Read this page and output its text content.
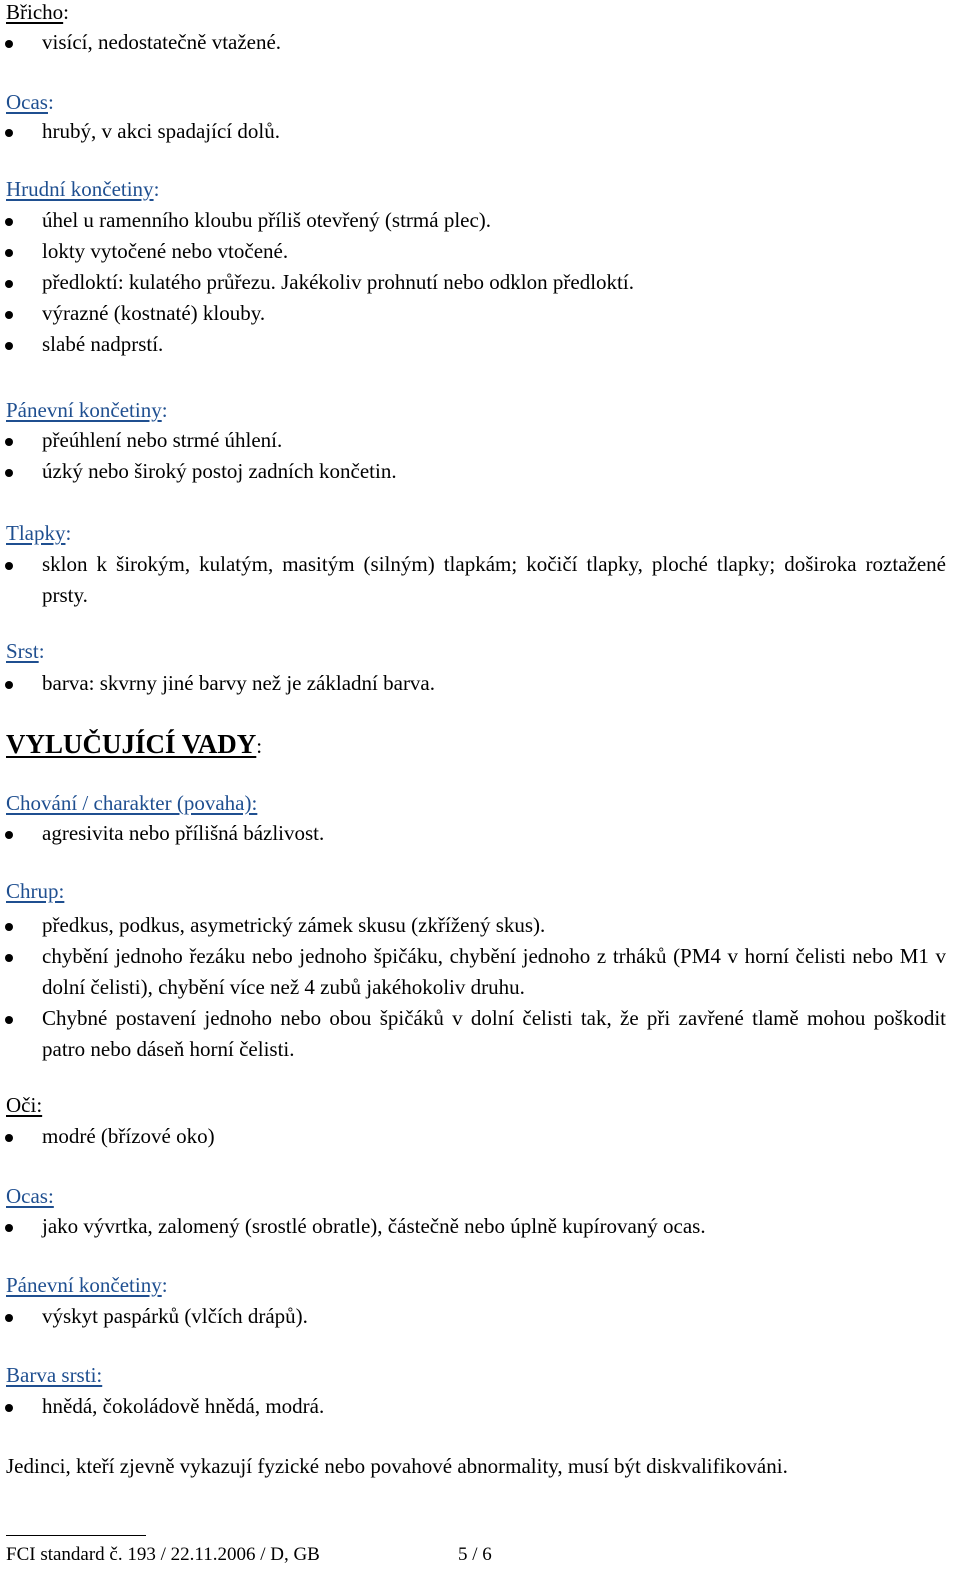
Břicho:

visící, nedostatečně vtažené.

Ocas:

hrubý, v akci spadající dolů.

Hrudní končetiny:

úhel u ramenního kloubu příliš otevřený (strmá plec).
lokty vytočené nebo vtočené.
předloktí: kulatého průřezu. Jakékoliv prohnutí nebo odklon předloktí.
výrazné (kostnaté) klouby.
slabé nadprstí.

Pánevní končetiny:

přeúhlení nebo strmé úhlení.
úzký nebo široký postoj zadních končetin.

Tlapky:

sklon k širokým, kulatým, masitým (silným) tlapkám; kočičí tlapky, ploché tlapky; doširoka roztažené prsty.

Srst:

barva: skvrny jiné barvy než je základní barva.

VYLUČUJÍCÍ VADY:

Chování / charakter (povaha):

agresivita nebo přílišná bázlivost.

Chrup:

předkus, podkus, asymetrický zámek skusu (zkřížený skus).
chybění jednoho řezáku nebo jednoho špičáku, chybění jednoho z trháků (PM4 v horní čelisti nebo M1 v dolní čelisti), chybění více než 4 zubů jakéhokoliv druhu.
Chybné postavení jednoho nebo obou špičáků v dolní čelisti tak, že při zavřené tlamě mohou poškodit patro nebo dáseň horní čelisti.

Oči:

modré (břízové oko)

Ocas:

jako vývrtka, zalomený (srostlé obratle), částečně nebo úplně kupírovaný ocas.

Pánevní končetiny:

výskyt paspárků (vlčích drápů).

Barva srsti:

hnědá, čokoládově hnědá, modrá.

Jedinci, kteří zjevně vykazují fyzické nebo povahové abnormality, musí být diskvalifikováni.

FCI standard č. 193 / 22.11.2006 / D, GB	5 / 6
